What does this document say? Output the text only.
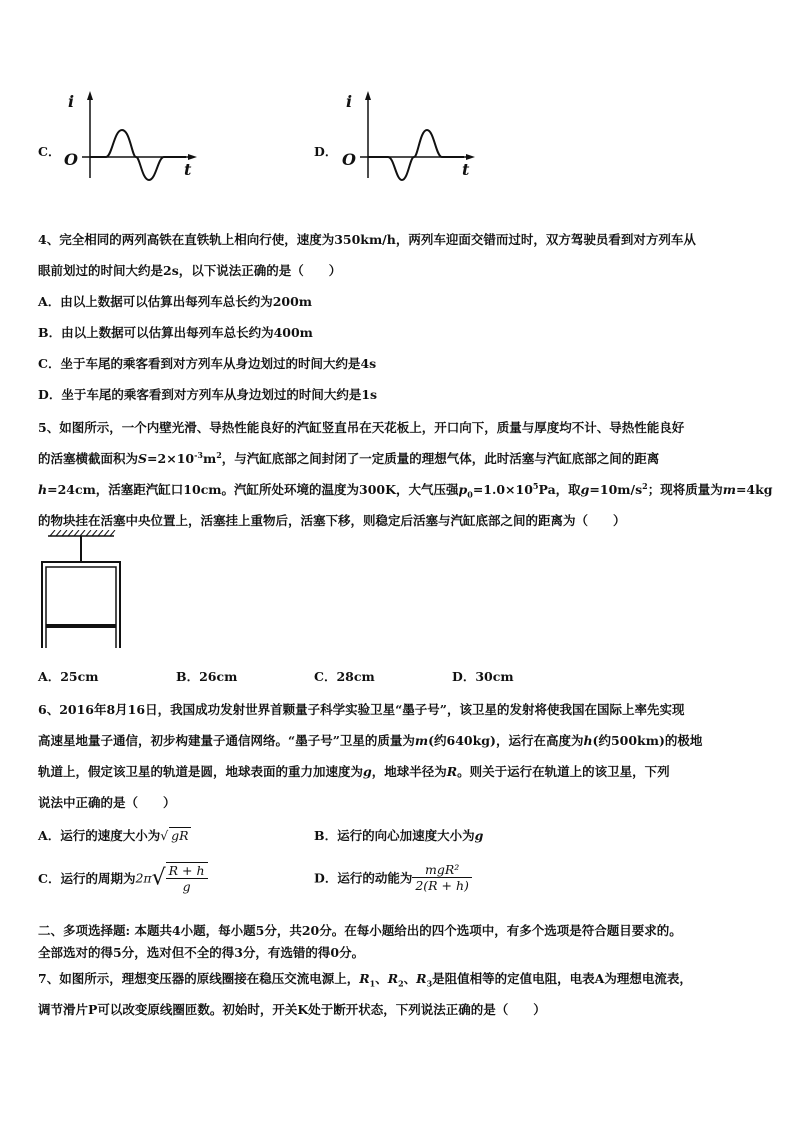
C．
i
O
t
D．
i
O
t
4、完全相同的两列高铁在直铁轨上相向行使，速度为350km/h，两列车迎面交错而过时，双方驾驶员看到对方列车从
眼前划过的时间大约是2s，以下说法正确的是（　　）
A．由以上数据可以估算出每列车总长约为200m
B．由以上数据可以估算出每列车总长约为400m
C．坐于车尾的乘客看到对方列车从身边划过的时间大约是4s
D．坐于车尾的乘客看到对方列车从身边划过的时间大约是1s
5、如图所示，一个内壁光滑、导热性能良好的汽缸竖直吊在天花板上，开口向下，质量与厚度均不计、导热性能良好
的活塞横截面积为$S=2\times 10^{-3}m^2$，与汽缸底部之间封闭了一定质量的理想气体，此时活塞与汽缸底部之间的距离
h=24cm，活塞距汽缸口10cm。汽缸所处环境的温度为300K，大气压强$p_0=1.0\times 10^5Pa$，取$g=10m/s^2$；现将质量为m=4kg
的物块挂在活塞中央位置上，活塞挂上重物后，活塞下移，则稳定后活塞与汽缸底部之间的距离为（　　）
A．25cm	B．26cm	C．28cm	D．30cm
6、2016年8月16日，我国成功发射世界首颗量子科学实验卫星“墨子号”，该卫星的发射将使我国在国际上率先实现
高速星地量子通信，初步构建量子通信网络。“墨子号”卫星的质量为m(约640kg)，运行在高度为h(约500km)的极地
轨道上，假定该卫星的轨道是圆，地球表面的重力加速度为g，地球半径为R。则关于运行在轨道上的该卫星，下列
说法中正确的是（　　）
A．运行的速度大小为√ gR	B．运行的向心加速度大小为g
C．运行的周期为$2\pi√ \frac{R + h}{g}$	D．运行的动能为 $\frac{\text{mgR²}}{2(R + h)}$
二、多项选择题: 本题共4小题，每小题5分，共20分。在每小题给出的四个选项中，有多个选项是符合题目要求的。
全部选对的得5分，选对但不全的得3分，有选错的得0分。
7、如图所示，理想变压器的原线圈接在稳压交流电源上，$R_1$、$R_2$、$R_3$是阻值相等的定值电阻，电表A为理想电流表，
调节滑片P可以改变原线圈匝数。初始时，开关K处于断开状态，下列说法正确的是（　　）
